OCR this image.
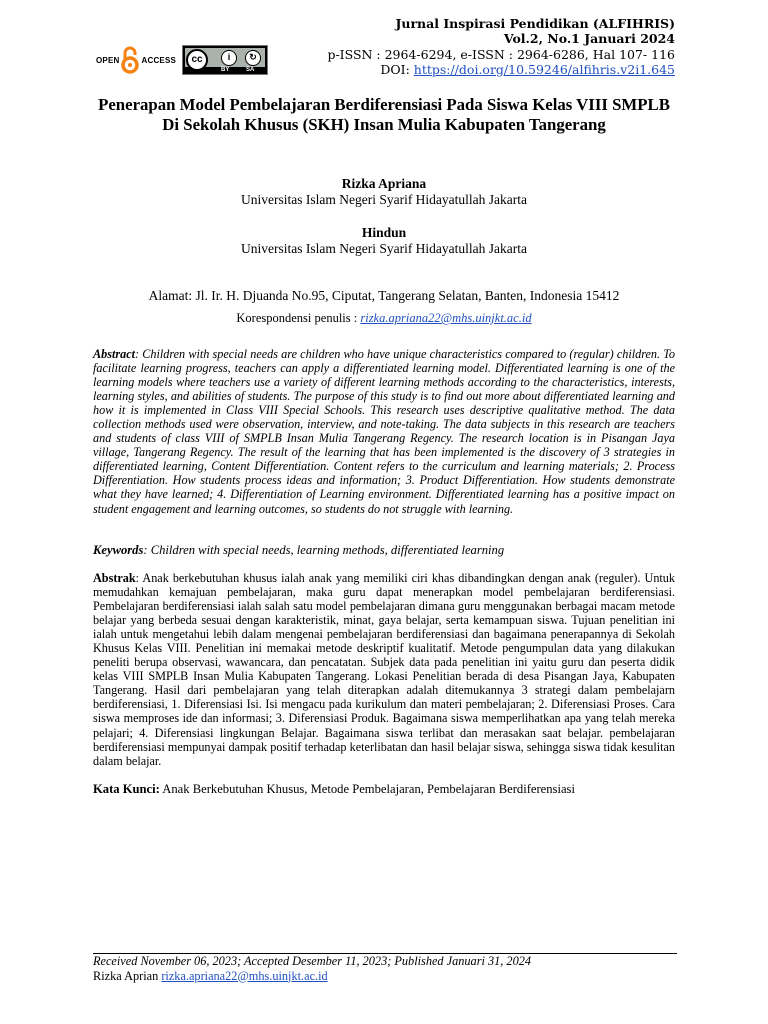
OPEN	ACCESS	cc	i	↻
BY	SA
Jurnal Inspirasi Pendidikan (ALFIHRIS)
Vol.2, No.1 Januari 2024
p-ISSN : 2964-6294, e-ISSN : 2964-6286, Hal 107- 116
DOI: https://doi.org/10.59246/alfihris.v2i1.645
Penerapan Model Pembelajaran Berdiferensiasi Pada Siswa Kelas VIII SMPLB Di Sekolah Khusus (SKH) Insan Mulia Kabupaten Tangerang
Rizka Apriana
Universitas Islam Negeri Syarif Hidayatullah Jakarta
Hindun
Universitas Islam Negeri Syarif Hidayatullah Jakarta
Alamat: Jl. Ir. H. Djuanda No.95, Ciputat, Tangerang Selatan, Banten, Indonesia 15412
Korespondensi penulis : rizka.apriana22@mhs.uinjkt.ac.id
Abstract: Children with special needs are children who have unique characteristics compared to (regular) children. To facilitate learning progress, teachers can apply a differentiated learning model. Differentiated learning is one of the learning models where teachers use a variety of different learning methods according to the characteristics, interests, learning styles, and abilities of students. The purpose of this study is to find out more about differentiated learning and how it is implemented in Class VIII Special Schools. This research uses descriptive qualitative method. The data collection methods used were observation, interview, and note-taking. The data subjects in this research are teachers and students of class VIII of SMPLB Insan Mulia Tangerang Regency. The research location is in Pisangan Jaya village, Tangerang Regency. The result of the learning that has been implemented is the discovery of 3 strategies in differentiated learning, Content Differentiation. Content refers to the curriculum and learning materials; 2. Process Differentiation. How students process ideas and information; 3. Product Differentiation. How students demonstrate what they have learned; 4. Differentiation of Learning environment. Differentiated learning has a positive impact on student engagement and learning outcomes, so students do not struggle with learning.
Keywords: Children with special needs, learning methods, differentiated learning
Abstrak: Anak berkebutuhan khusus ialah anak yang memiliki ciri khas dibandingkan dengan anak (reguler). Untuk memudahkan kemajuan pembelajaran, maka guru dapat menerapkan model pembelajaran berdiferensiasi. Pembelajaran berdiferensiasi ialah salah satu model pembelajaran dimana guru menggunakan berbagai macam metode belajar yang berbeda sesuai dengan karakteristik, minat, gaya belajar, serta kemampuan siswa. Tujuan penelitian ini ialah untuk mengetahui lebih dalam mengenai pembelajaran berdiferensiasi dan bagaimana penerapannya di Sekolah Khusus Kelas VIII. Penelitian ini memakai metode deskriptif kualitatif. Metode pengumpulan data yang dilakukan peneliti berupa observasi, wawancara, dan pencatatan. Subjek data pada penelitian ini yaitu guru dan peserta didik kelas VIII SMPLB Insan Mulia Kabupaten Tangerang. Lokasi Penelitian berada di desa Pisangan Jaya, Kabupaten Tangerang. Hasil dari pembelajaran yang telah diterapkan adalah ditemukannya 3 strategi dalam pembelajarn berdiferensiasi, 1. Diferensiasi Isi. Isi mengacu pada kurikulum dan materi pembelajaran; 2. Diferensiasi Proses. Cara siswa memproses ide dan informasi; 3. Diferensiasi Produk. Bagaimana siswa memperlihatkan apa yang telah mereka pelajari; 4. Diferensiasi lingkungan Belajar. Bagaimana siswa terlibat dan merasakan saat belajar. pembelajaran berdiferensiasi mempunyai dampak positif terhadap keterlibatan dan hasil belajar siswa, sehingga siswa tidak kesulitan dalam belajar.
Kata Kunci: Anak Berkebutuhan Khusus, Metode Pembelajaran, Pembelajaran Berdiferensiasi
Received November 06, 2023; Accepted Desember 11, 2023; Published Januari 31, 2024
Rizka Aprian rizka.apriana22@mhs.uinjkt.ac.id
